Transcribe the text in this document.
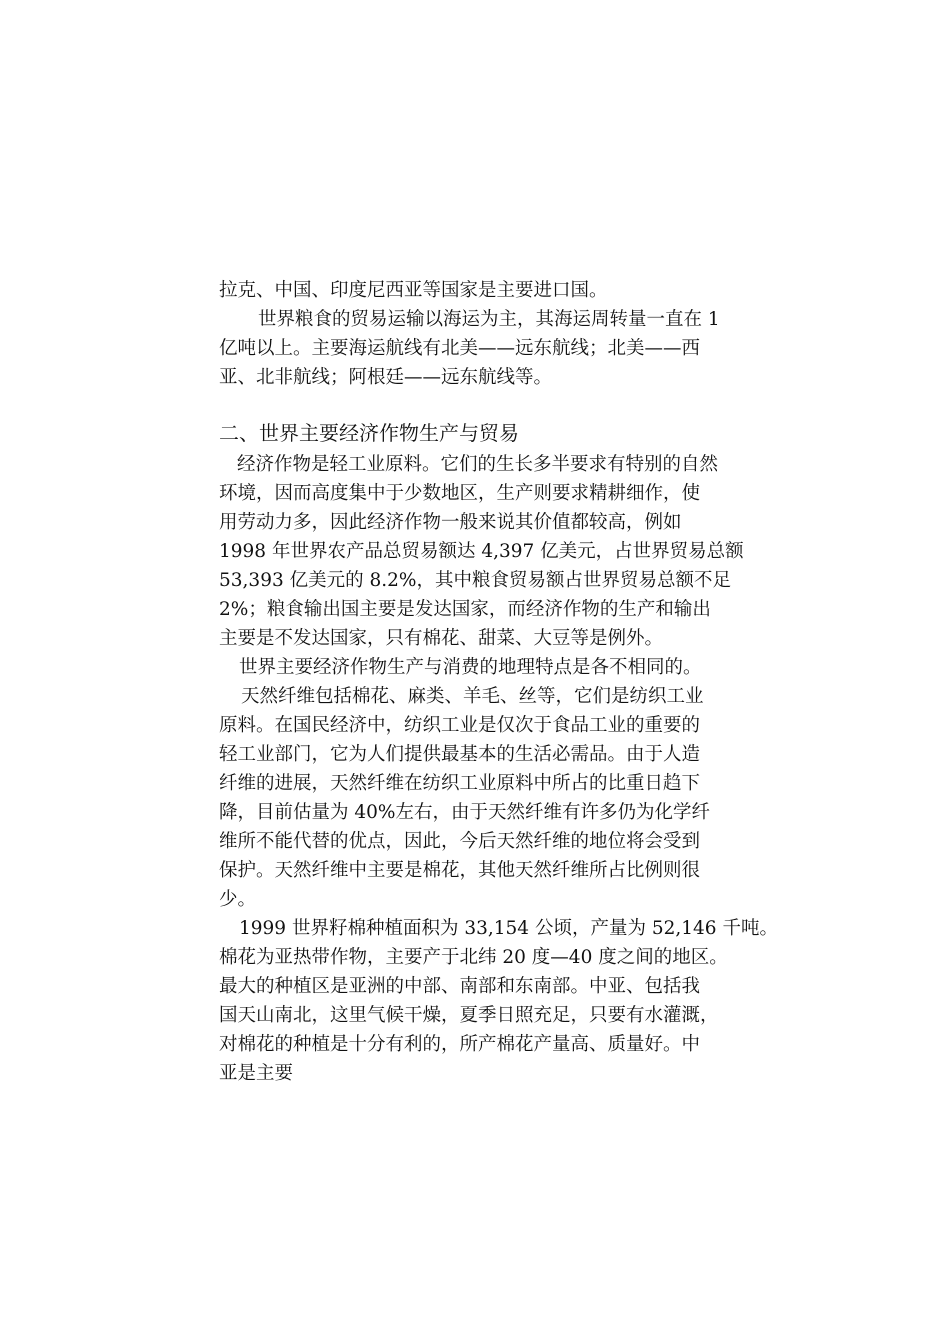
拉克、中国、印度尼西亚等国家是主要进口国。
世界粮食的贸易运输以海运为主，其海运周转量一直在 1
亿吨以上。主要海运航线有北美——远东航线；北美——西
亚、北非航线；阿根廷——远东航线等。
二、世界主要经济作物生产与贸易
经济作物是轻工业原料。它们的生长多半要求有特别的自然
环境，因而高度集中于少数地区，生产则要求精耕细作，使
用劳动力多，因此经济作物一般来说其价值都较高，例如
1998 年世界农产品总贸易额达 4,397 亿美元，占世界贸易总额
53,393 亿美元的 8.2%，其中粮食贸易额占世界贸易总额不足
2%；粮食输出国主要是发达国家，而经济作物的生产和输出
主要是不发达国家，只有棉花、甜菜、大豆等是例外。
世界主要经济作物生产与消费的地理特点是各不相同的。
天然纤维包括棉花、麻类、羊毛、丝等，它们是纺织工业
原料。在国民经济中，纺织工业是仅次于食品工业的重要的
轻工业部门，它为人们提供最基本的生活必需品。由于人造
纤维的进展，天然纤维在纺织工业原料中所占的比重日趋下
降，目前估量为 40%左右，由于天然纤维有许多仍为化学纤
维所不能代替的优点，因此，今后天然纤维的地位将会受到
保护。天然纤维中主要是棉花，其他天然纤维所占比例则很
少。
1999 世界籽棉种植面积为 33,154 公顷，产量为 52,146 千吨。
棉花为亚热带作物，主要产于北纬 20 度—40 度之间的地区。
最大的种植区是亚洲的中部、南部和东南部。中亚、包括我
国天山南北，这里气候干燥，夏季日照充足，只要有水灌溉，
对棉花的种植是十分有利的，所产棉花产量高、质量好。中
亚是主要
